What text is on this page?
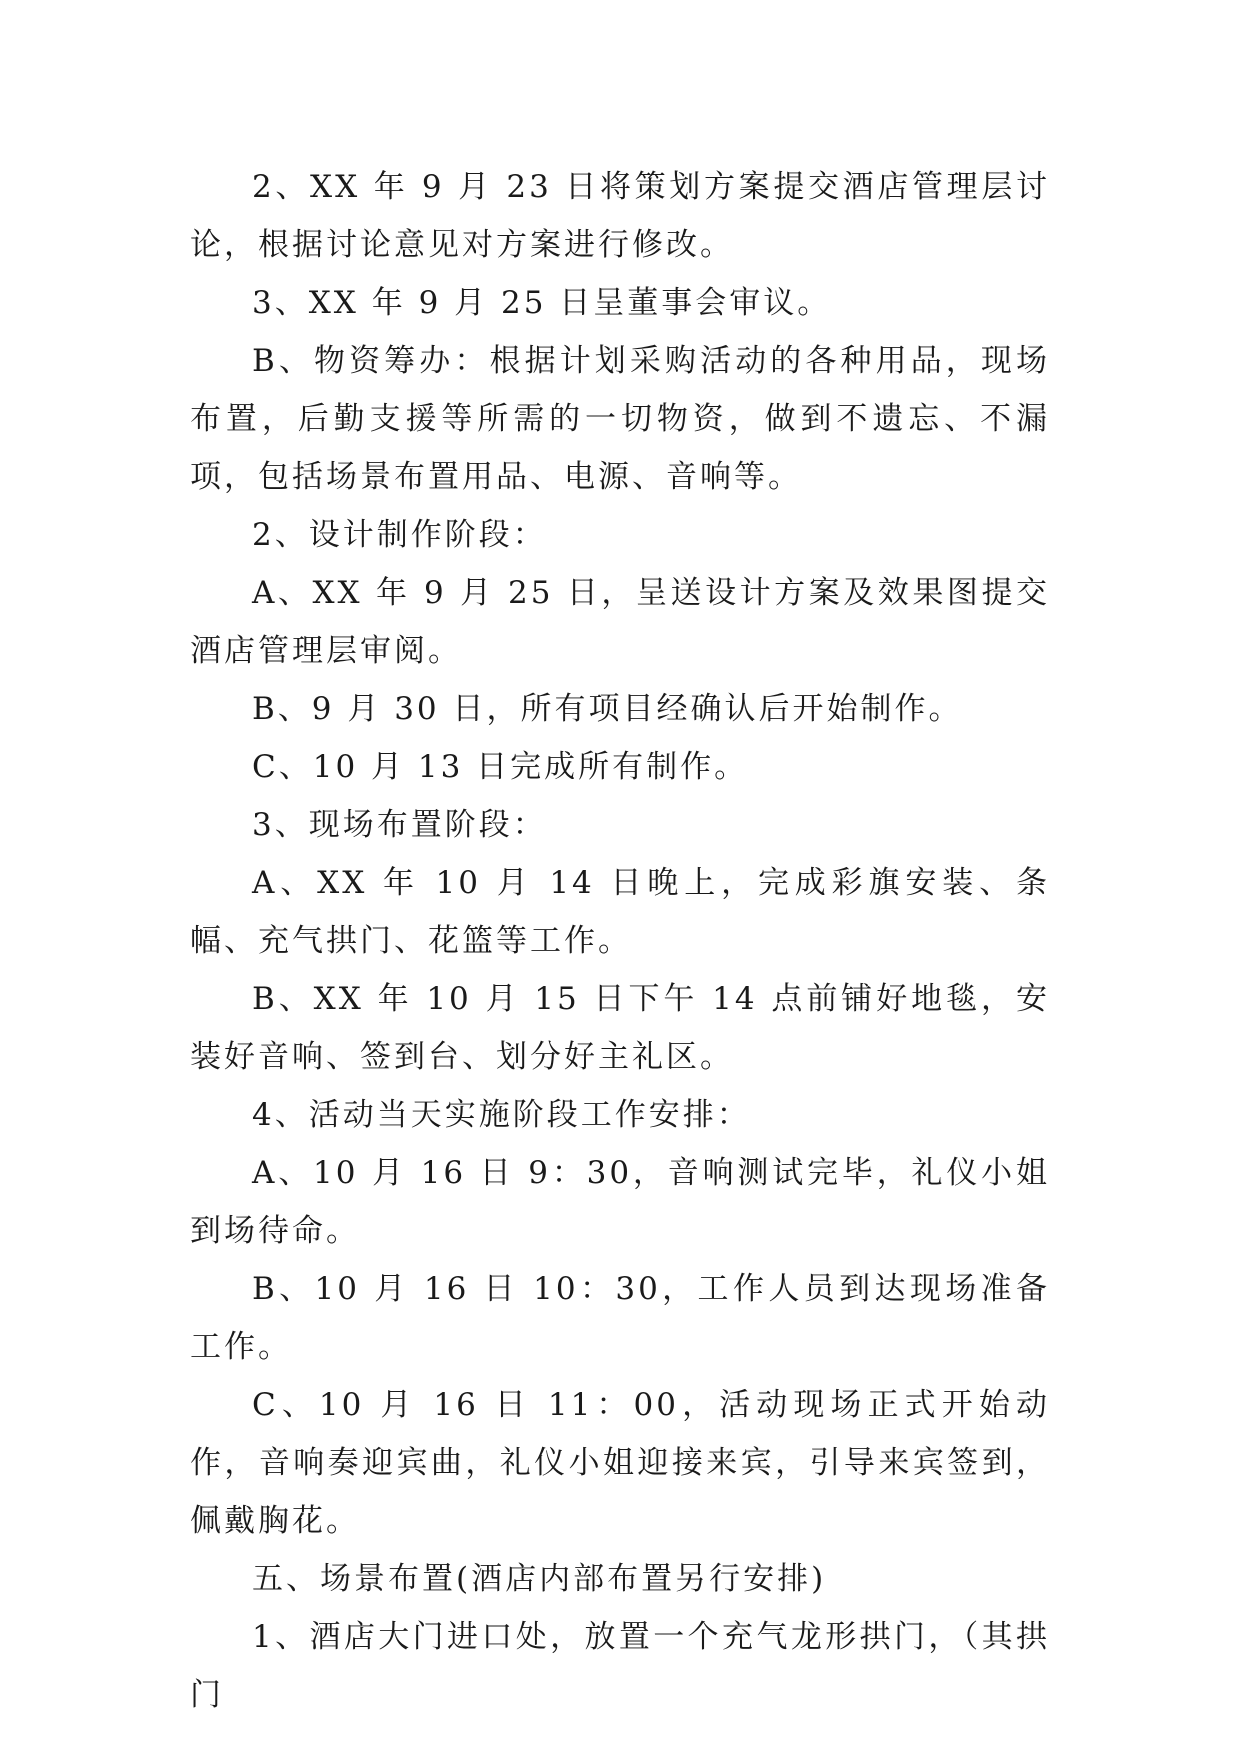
2、XX 年 9 月 23 日将策划方案提交酒店管理层讨论，根据讨论意见对方案进行修改。

3、XX 年 9 月 25 日呈董事会审议。

B、物资筹办：根据计划采购活动的各种用品，现场布置，后勤支援等所需的一切物资，做到不遗忘、不漏项，包括场景布置用品、电源、音响等。

2、设计制作阶段：

A、XX 年 9 月 25 日，呈送设计方案及效果图提交酒店管理层审阅。

B、9 月 30 日，所有项目经确认后开始制作。

C、10 月 13 日完成所有制作。

3、现场布置阶段：

A、XX 年 10 月 14 日晚上，完成彩旗安装、条幅、充气拱门、花篮等工作。

B、XX 年 10 月 15 日下午 14 点前铺好地毯，安装好音响、签到台、划分好主礼区。

4、活动当天实施阶段工作安排：

A、10 月 16 日 9：30，音响测试完毕，礼仪小姐到场待命。

B、10 月 16 日 10：30，工作人员到达现场准备工作。

C、10 月 16 日 11：00，活动现场正式开始动作，音响奏迎宾曲，礼仪小姐迎接来宾，引导来宾签到，佩戴胸花。

五、场景布置(酒店内部布置另行安排)

1、酒店大门进口处，放置一个充气龙形拱门，（其拱门
